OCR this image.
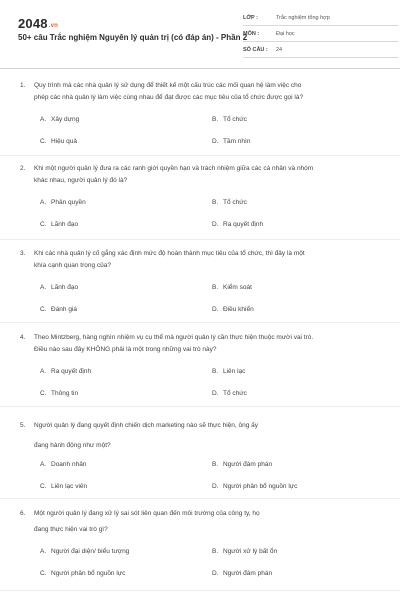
2048.vn
50+ câu Trắc nghiệm Nguyên lý quản trị (có đáp án) - Phần 2
LỚP :	Trắc nghiệm tổng hợp
MÔN :	Đại học
SỐ CÂU : 24
1. Quy trình mà các nhà quản lý sử dụng để thiết kế một cấu trúc các mối quan hệ làm việc cho
phép các nhà quản lý làm việc cùng nhau để đạt được các mục tiêu của tổ chức được gọi là?
A. Xây dựng	B. Tổ chức
C. Hiệu quả	D. Tầm nhìn
2. Khi một người quản lý đưa ra các ranh giới quyền hạn và trách nhiệm giữa các cá nhân và nhóm
khác nhau, người quản lý đó là?
A. Phân quyền	B. Tổ chức
C. Lãnh đạo	D. Ra quyết định
3. Khi các nhà quản lý cố gắng xác định mức độ hoàn thành mục tiêu của tổ chức, thì đây là một
khía cạnh quan trọng của?
A. Lãnh đạo	B. Kiểm soát
C. Đánh giá	D. Điều khiển
4. Theo Mintzberg, hàng nghìn nhiệm vụ cụ thể mà người quản lý cần thực hiện thuộc mười vai trò.
Điều nào sau đây KHÔNG phải là một trong những vai trò này?
A. Ra quyết định	B. Liên lạc
C. Thông tin	D. Tổ chức
5. Người quản lý đang quyết định chiến dịch marketing nào sẽ thực hiện, ông ấy
đang hành động như một?
A. Doanh nhân	B. Người đàm phán
C. Liên lạc viên	D. Người phân bổ nguồn lực
6. Một người quản lý đang xử lý sai sót liên quan đến môi trường của công ty, họ
đang thực hiện vai trò gì?
A. Người đại diện/ biểu tượng	B. Người xử lý bất ổn
C. Người phân bổ nguồn lực	D. Người đàm phán
